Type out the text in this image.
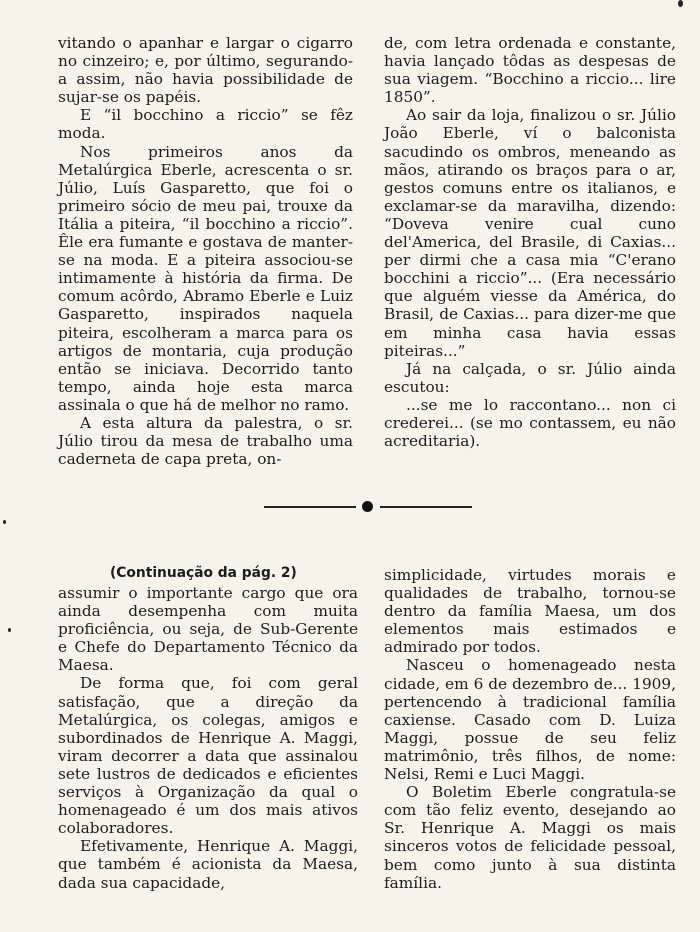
vitando o apanhar e largar o cigarro no cinzeiro; e, por último, segurando-a assim, não havia possibilidade de sujar-se os papéis.

E “il bocchino a riccio” se fêz moda.

Nos primeiros anos da Metalúrgica Eberle, acrescenta o sr. Júlio, Luís Gasparetto, que foi o primeiro sócio de meu pai, trouxe da Itália a piteira, “il bocchino a riccio”. Êle era fumante e gostava de manter-se na moda. E a piteira associou-se intimamente à história da firma. De comum acôrdo, Abramo Eberle e Luiz Gasparetto, inspirados naquela piteira, escolheram a marca para os artigos de montaria, cuja produção então se iniciava. Decorrido tanto tempo, ainda hoje esta marca assinala o que há de melhor no ramo.

A esta altura da palestra, o sr. Júlio tirou da mesa de trabalho uma caderneta de capa preta, on-

de, com letra ordenada e constante, havia lançado tôdas as despesas de sua viagem. “Bocchino a riccio... lire 1850”.

Ao sair da loja, finalizou o sr. Júlio João Eberle, ví o balconista sacudindo os ombros, meneando as mãos, atirando os braços para o ar, gestos comuns entre os italianos, e exclamar-se da maravilha, dizendo: “Doveva venire cual cuno del'America, del Brasile, di Caxias... per dirmi che a casa mia “C'erano bocchini a riccio”... (Era necessário que alguém viesse da América, do Brasil, de Caxias... para dizer-me que em minha casa havia essas piteiras...”

Já na calçada, o sr. Júlio ainda escutou:

...se me lo raccontano... non ci crederei... (se mo contassem, eu não acreditaria).

(Continuação da pág. 2)

assumir o importante cargo que ora ainda desempenha com muita proficiência, ou seja, de Sub-Gerente e Chefe do Departamento Técnico da Maesa.

De forma que, foi com geral satisfação, que a direção da Metalúrgica, os colegas, amigos e subordinados de Henrique A. Maggi, viram decorrer a data que assinalou sete lustros de dedicados e eficientes serviços à Organização da qual o homenageado é um dos mais ativos colaboradores.

Efetivamente, Henrique A. Maggi, que também é acionista da Maesa, dada sua capacidade,

simplicidade, virtudes morais e qualidades de trabalho, tornou-se dentro da família Maesa, um dos elementos mais estimados e admirado por todos.

Nasceu o homenageado nesta cidade, em 6 de dezembro de... 1909, pertencendo à tradicional família caxiense. Casado com D. Luiza Maggi, possue de seu feliz matrimônio, três filhos, de nome: Nelsi, Remi e Luci Maggi.

O Boletim Eberle congratula-se com tão feliz evento, desejando ao Sr. Henrique A. Maggi os mais sinceros votos de felicidade pessoal, bem como junto à sua distinta família.
